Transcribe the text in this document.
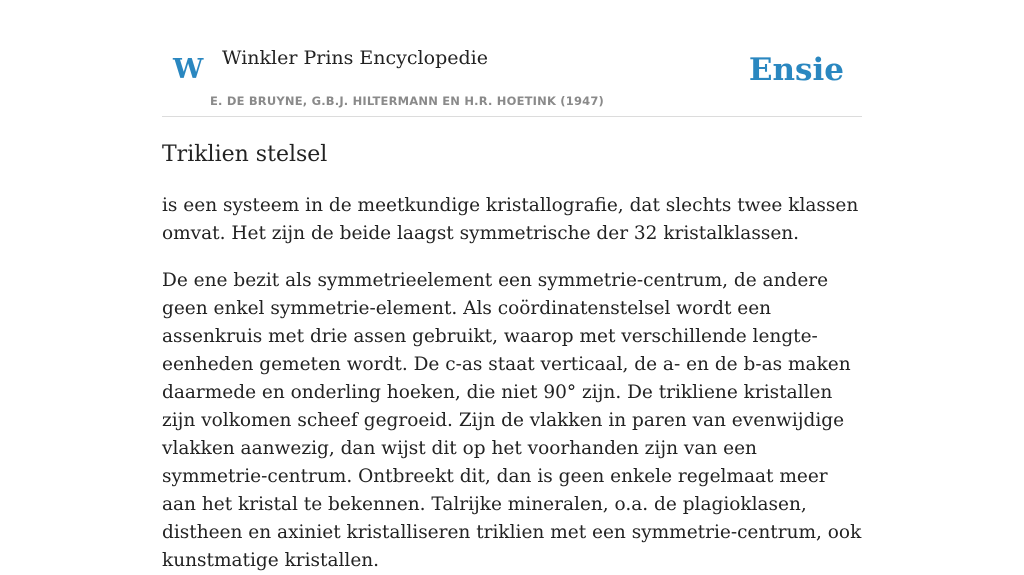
W Winkler Prins Encyclopedie
E. DE BRUYNE, G.B.J. HILTERMANN EN H.R. HOETINK (1947)
Ensie
Triklien stelsel

is een systeem in de meetkundige kristallografie, dat slechts twee klassen omvat. Het zijn de beide laagst symmetrische der 32 kristalklassen.

De ene bezit als symmetrieelement een symmetrie-centrum, de andere geen enkel symmetrie-element. Als coördinatenstelsel wordt een assenkruis met drie assen gebruikt, waarop met verschillende lengte-eenheden gemeten wordt. De c-as staat verticaal, de a- en de b-as maken daarmede en onderling hoeken, die niet 90° zijn. De trikliene kristallen zijn volkomen scheef gegroeid. Zijn de vlakken in paren van evenwijdige vlakken aanwezig, dan wijst dit op het voorhanden zijn van een symmetrie-centrum. Ontbreekt dit, dan is geen enkele regelmaat meer aan het kristal te bekennen. Talrijke mineralen, o.a. de plagioklasen, distheen en axiniet kristalliseren triklien met een symmetrie-centrum, ook kunstmatige kristallen.
